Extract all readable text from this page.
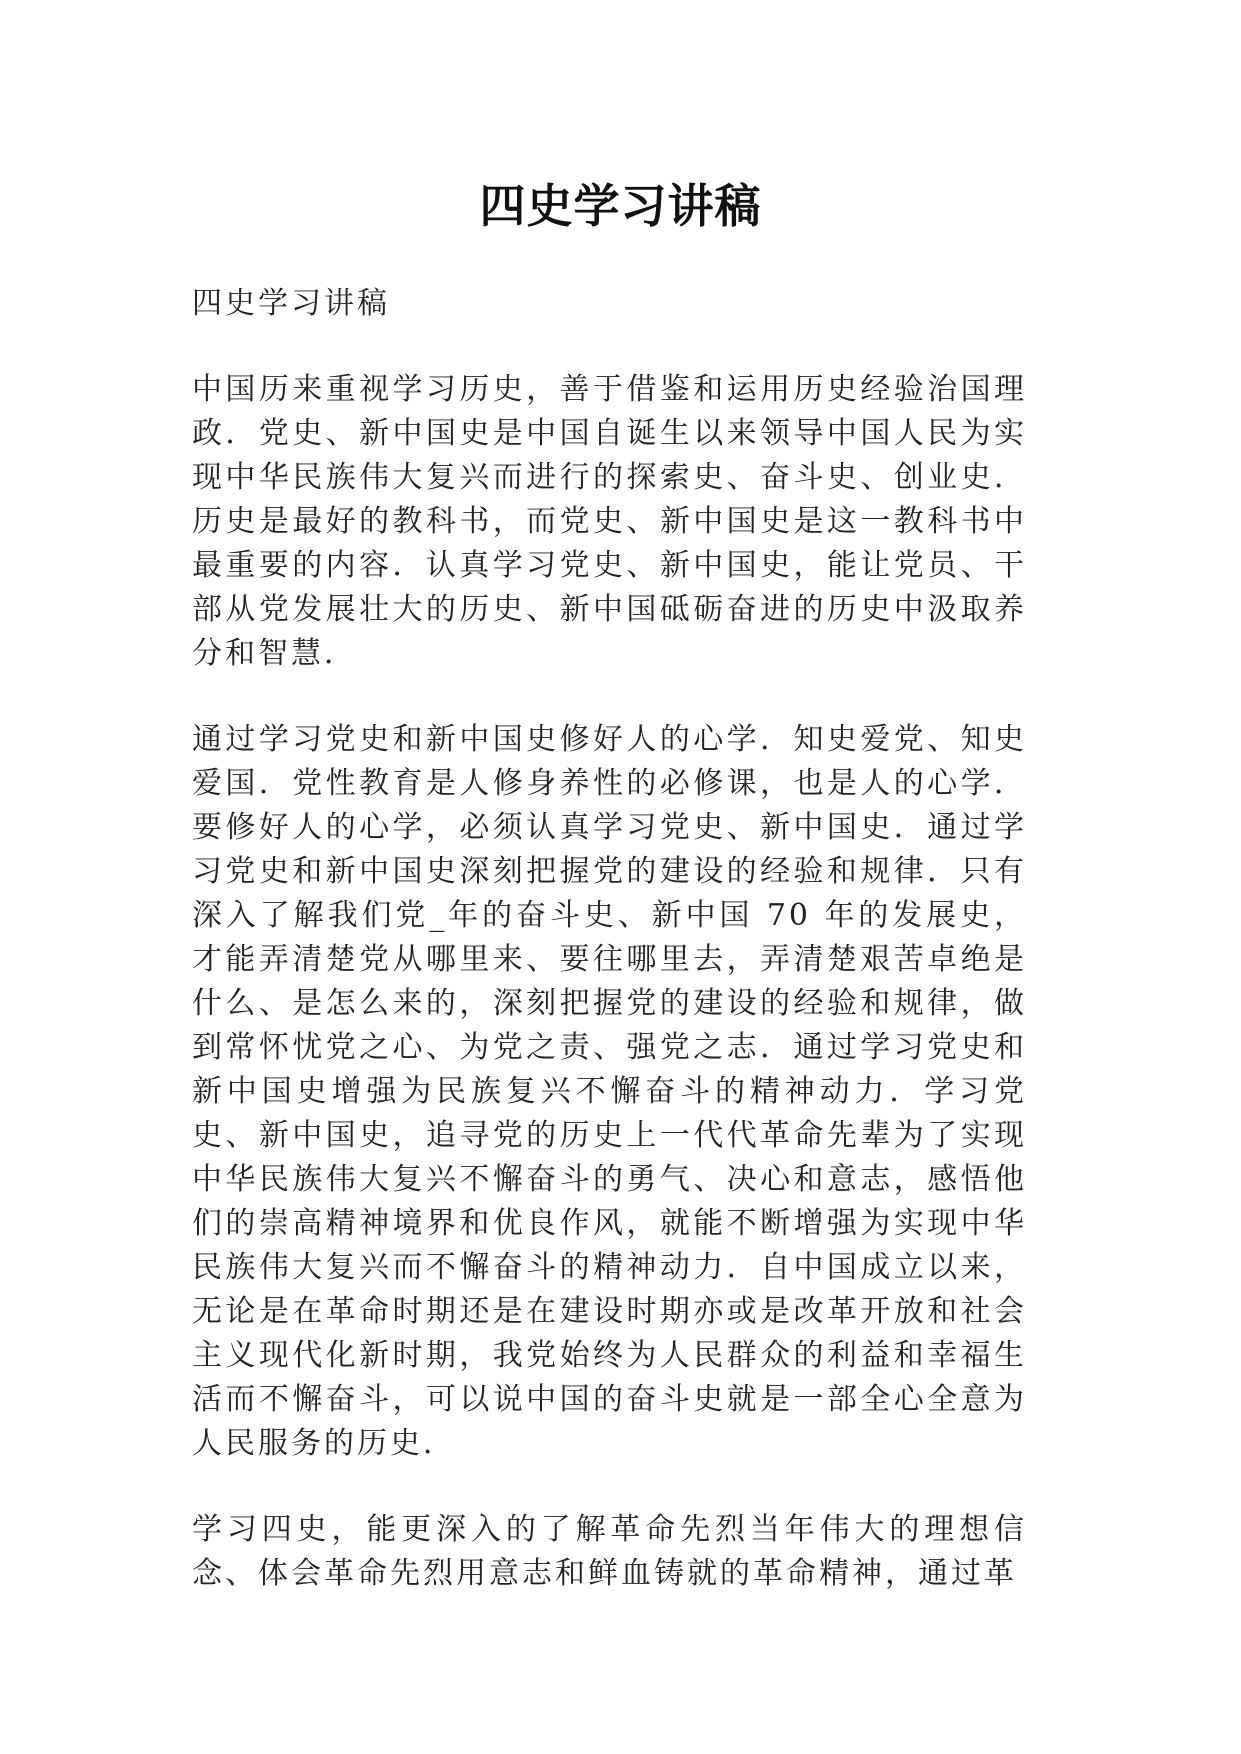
四史学习讲稿

四史学习讲稿

中国历来重视学习历史，善于借鉴和运用历史经验治国理政．党史、新中国史是中国自诞生以来领导中国人民为实现中华民族伟大复兴而进行的探索史、奋斗史、创业史．历史是最好的教科书，而党史、新中国史是这一教科书中最重要的内容．认真学习党史、新中国史，能让党员、干部从党发展壮大的历史、新中国砥砺奋进的历史中汲取养分和智慧．

通过学习党史和新中国史修好人的心学．知史爱党、知史爱国．党性教育是人修身养性的必修课，也是人的心学．要修好人的心学，必须认真学习党史、新中国史．通过学习党史和新中国史深刻把握党的建设的经验和规律．只有深入了解我们党_年的奋斗史、新中国 70 年的发展史，才能弄清楚党从哪里来、要往哪里去，弄清楚艰苦卓绝是什么、是怎么来的，深刻把握党的建设的经验和规律，做到常怀忧党之心、为党之责、强党之志．通过学习党史和新中国史增强为民族复兴不懈奋斗的精神动力．学习党史、新中国史，追寻党的历史上一代代革命先辈为了实现中华民族伟大复兴不懈奋斗的勇气、决心和意志，感悟他们的崇高精神境界和优良作风，就能不断增强为实现中华民族伟大复兴而不懈奋斗的精神动力．自中国成立以来，无论是在革命时期还是在建设时期亦或是改革开放和社会主义现代化新时期，我党始终为人民群众的利益和幸福生活而不懈奋斗，可以说中国的奋斗史就是一部全心全意为人民服务的历史．

学习四史，能更深入的了解革命先烈当年伟大的理想信念、体会革命先烈用意志和鲜血铸就的革命精神，通过革
